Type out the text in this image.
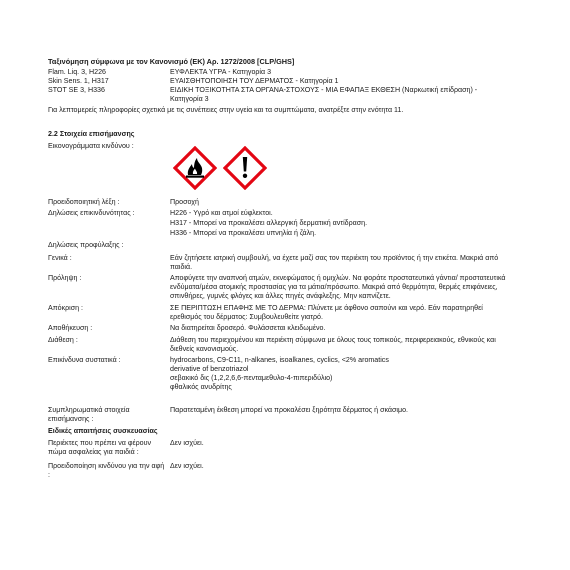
Ταξινόμηση σύμφωνα με τον Κανονισμό (ΕΚ) Αρ. 1272/2008 [CLP/GHS]
Flam. Liq. 3, H226	ΕΥΦΛΕΚΤΑ ΥΓΡΑ - Κατηγορία 3
Skin Sens. 1, H317	ΕΥΑΙΣΘΗΤΟΠΟΙΗΣΗ ΤΟΥ ΔΕΡΜΑΤΟΣ - Κατηγορία 1
STOT SE 3, H336	ΕΙΔΙΚΗ ΤΟΞΙΚΟΤΗΤΑ ΣΤΑ ΟΡΓΑΝΑ-ΣΤΟΧΟΥΣ - ΜΙΑ ΕΦΑΠΑΞ ΕΚΘΕΣΗ (Ναρκωτική επίδραση) -
Κατηγορία 3
Για λεπτομερείς πληροφορίες σχετικά με τις συνέπειες στην υγεία και τα συμπτώματα, ανατρέξτε στην ενότητα 11.
2.2 Στοιχεία επισήμανσης
Εικονογράμματα κινδύνου :
Προειδοποιητική λέξη :	Προσοχή
Δηλώσεις επικινδυνότητας :	H226 - Υγρό και ατμοί εύφλεκτοι.
H317 - Μπορεί να προκαλέσει αλλεργική δερματική αντίδραση.
H336 - Μπορεί να προκαλέσει υπνηλία ή ζάλη.
Δηλώσεις προφύλαξης :
Γενικά :	Εάν ζητήσετε ιατρική συμβουλή, να έχετε μαζί σας τον περιέκτη του προϊόντος ή την ετικέτα. Μακριά από παιδιά.
Πρόληψη :	Αποφύγετε την αναπνοή ατμών, εκνεφώματος ή ομιχλών. Να φοράτε προστατευτικά γάντια/ προστατευτικά ενδύματα/μέσα ατομικής προστασίας για τα μάτια/πρόσωπο. Μακριά από θερμότητα, θερμές επιφάνειες, σπινθήρες, γυμνές φλόγες και άλλες πηγές ανάφλεξης. Μην καπνίζετε.
Απόκριση :	ΣΕ ΠΕΡΙΠΤΩΣΗ ΕΠΑΦΗΣ ΜΕ ΤΟ ΔΕΡΜΑ: Πλύνετε με άφθονο σαπούνι και νερό. Εάν παρατηρηθεί ερεθισμός του δέρματος: Συμβουλευθείτε γιατρό.
Αποθήκευση :	Να διατηρείται δροσερό. Φυλάσσεται κλειδωμένο.
Διάθεση :	Διάθεση του περιεχομένου και περιέκτη σύμφωνα με όλους τους τοπικούς, περιφερειακούς, εθνικούς και διεθνείς κανονισμούς.
Επικίνδυνα συστατικά :	hydrocarbons, C9-C11, n-alkanes, isoalkanes, cyclics, <2% aromatics
derivative of benzotriazol
σεβακικό δις (1,2,2,6,6-πενταμεθυλο-4-πιπεριδύλιο)
φθαλικός ανυδρίτης
Συμπληρωματικά στοιχεία επισήμανσης :
Παρατεταμένη έκθεση μπορεί να προκαλέσει ξηρότητα δέρματος ή σκάσιμο.
Ειδικές απαιτήσεις συσκευασίας
Περιέκτες που πρέπει να φέρουν πώμα ασφαλείας για παιδιά :
Δεν ισχύει.
Προειδοποίηση κινδύνου για την αφή :
Δεν ισχύει.
